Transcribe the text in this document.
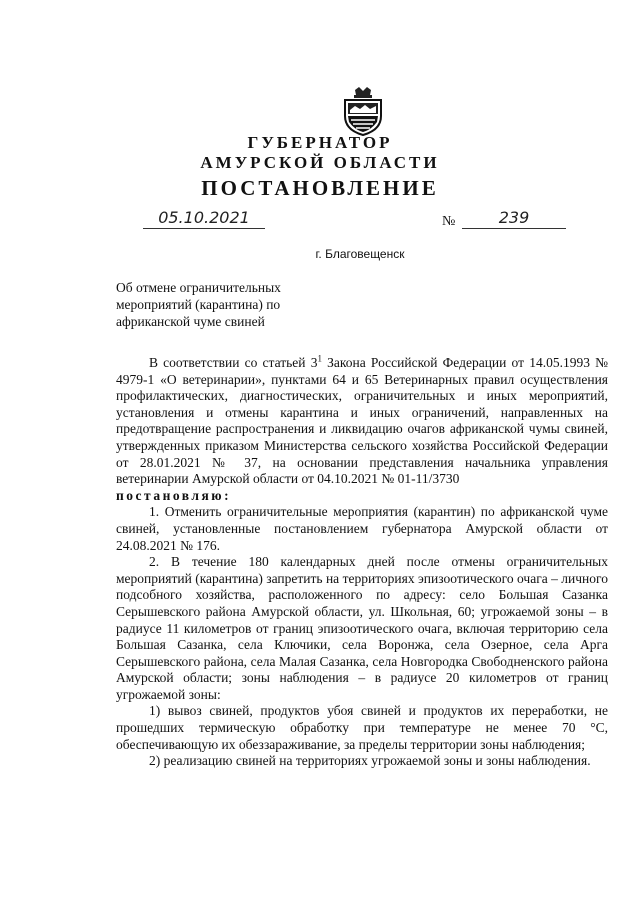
ГУБЕРНАТОР
АМУРСКОЙ ОБЛАСТИ
ПОСТАНОВЛЕНИЕ
05.10.2021	№	239
г. Благовещенск
Об отмене ограничительных мероприятий (карантина) по африканской чуме свиней

В соответствии со статьей $3^1$ Закона Российской Федерации от 14.05.1993 № 4979-1 «О ветеринарии», пунктами 64 и 65 Ветеринарных правил осуществления профилактических, диагностических, ограничительных и иных мероприятий, установления и отмены карантина и иных ограничений, направленных на предотвращение распространения и ликвидацию очагов африканской чумы свиней, утвержденных приказом Министерства сельского хозяйства Российской Федерации от 28.01.2021 № 37, на основании представления начальника управления ветеринарии Амурской области от 04.10.2021 № 01-11/3730

постановляю:

1. Отменить ограничительные мероприятия (карантин) по африканской чуме свиней, установленные постановлением губернатора Амурской области от 24.08.2021 № 176.

2. В течение 180 календарных дней после отмены ограничительных мероприятий (карантина) запретить на территориях эпизоотического очага – личного подсобного хозяйства, расположенного по адресу: село Большая Сазанка Серышевского района Амурской области, ул. Школьная, 60; угрожаемой зоны – в радиусе 11 километров от границ эпизоотического очага, включая территорию села Большая Сазанка, села Ключики, села Воронжа, села Озерное, села Арга Серышевского района, села Малая Сазанка, села Новгородка Свободненского района Амурской области; зоны наблюдения – в радиусе 20 километров от границ угрожаемой зоны:

1) вывоз свиней, продуктов убоя свиней и продуктов их переработки, не прошедших термическую обработку при температуре не менее 70 °С, обеспечивающую их обеззараживание, за пределы территории зоны наблюдения;

2) реализацию свиней на территориях угрожаемой зоны и зоны наблюдения.
